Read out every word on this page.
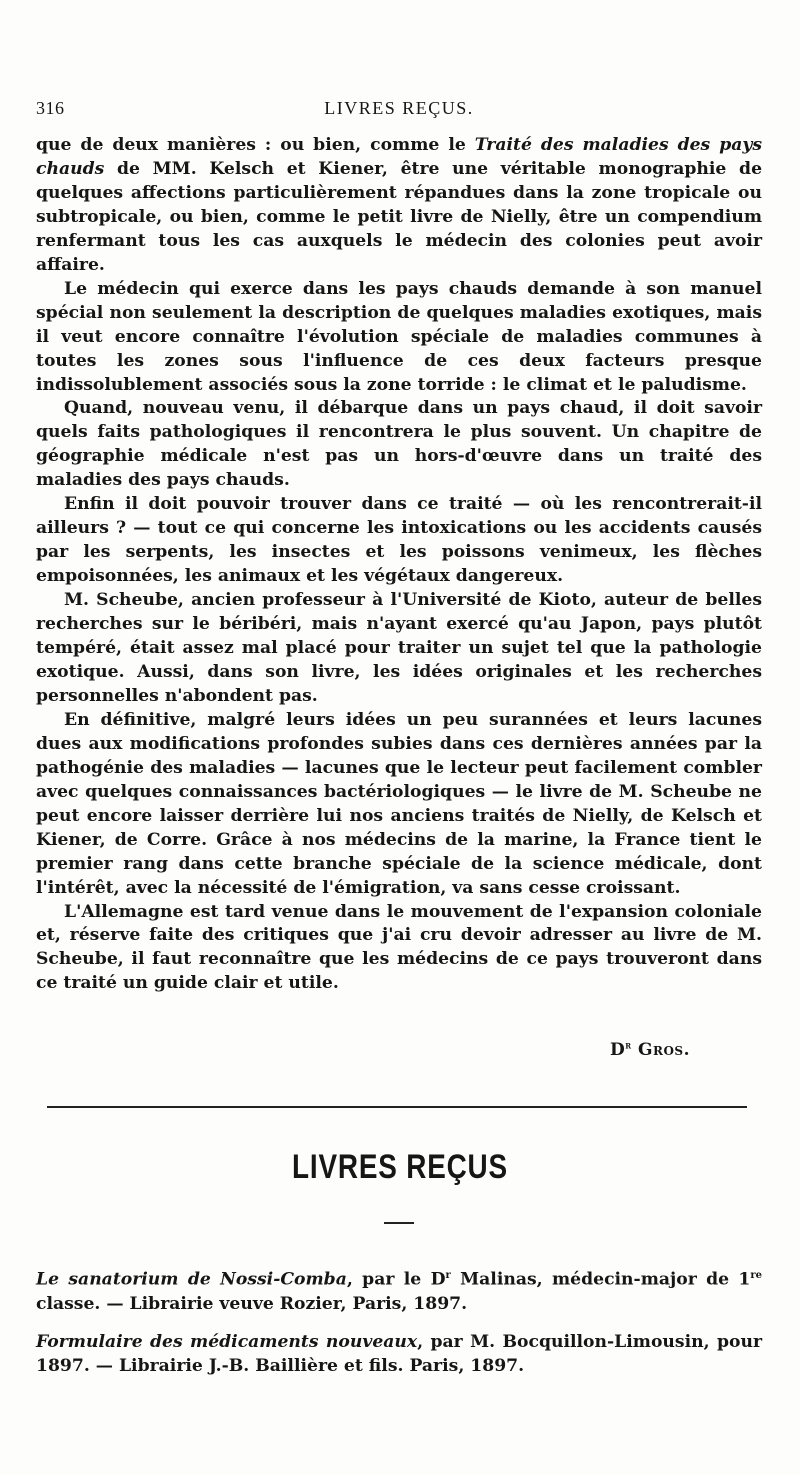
316	LIVRES REÇUS.

que de deux manières : ou bien, comme le Traité des maladies des pays chauds de MM. Kelsch et Kiener, être une véritable monographie de quelques affections particulièrement répandues dans la zone tropicale ou subtropicale, ou bien, comme le petit livre de Nielly, être un compendium renfermant tous les cas auxquels le médecin des colonies peut avoir affaire.

Le médecin qui exerce dans les pays chauds demande à son manuel spécial non seulement la description de quelques maladies exotiques, mais il veut encore connaître l'évolution spéciale de maladies communes à toutes les zones sous l'influence de ces deux facteurs presque indissolublement associés sous la zone torride : le climat et le paludisme.

Quand, nouveau venu, il débarque dans un pays chaud, il doit savoir quels faits pathologiques il rencontrera le plus souvent. Un chapitre de géographie médicale n'est pas un hors-d'œuvre dans un traité des maladies des pays chauds.

Enfin il doit pouvoir trouver dans ce traité — où les rencontrerait-il ailleurs ? — tout ce qui concerne les intoxications ou les accidents causés par les serpents, les insectes et les poissons venimeux, les flèches empoisonnées, les animaux et les végétaux dangereux.

M. Scheube, ancien professeur à l'Université de Kioto, auteur de belles recherches sur le béribéri, mais n'ayant exercé qu'au Japon, pays plutôt tempéré, était assez mal placé pour traiter un sujet tel que la pathologie exotique. Aussi, dans son livre, les idées originales et les recherches personnelles n'abondent pas.

En définitive, malgré leurs idées un peu surannées et leurs lacunes dues aux modifications profondes subies dans ces dernières années par la pathogénie des maladies — lacunes que le lecteur peut facilement combler avec quelques connaissances bactériologiques — le livre de M. Scheube ne peut encore laisser derrière lui nos anciens traités de Nielly, de Kelsch et Kiener, de Corre. Grâce à nos médecins de la marine, la France tient le premier rang dans cette branche spéciale de la science médicale, dont l'intérêt, avec la nécessité de l'émigration, va sans cesse croissant.

L'Allemagne est tard venue dans le mouvement de l'expansion coloniale et, réserve faite des critiques que j'ai cru devoir adresser au livre de M. Scheube, il faut reconnaître que les médecins de ce pays trouveront dans ce traité un guide clair et utile.

$D^r$ Gros.
LIVRES REÇUS

Le sanatorium de Nossi-Comba, par le $D^r$ Malinas, médecin-major de 1re classe. — Librairie veuve Rozier, Paris, 1897.

Formulaire des médicaments nouveaux, par M. Bocquillon-Limousin, pour 1897. — Librairie J.-B. Baillière et fils. Paris, 1897.
